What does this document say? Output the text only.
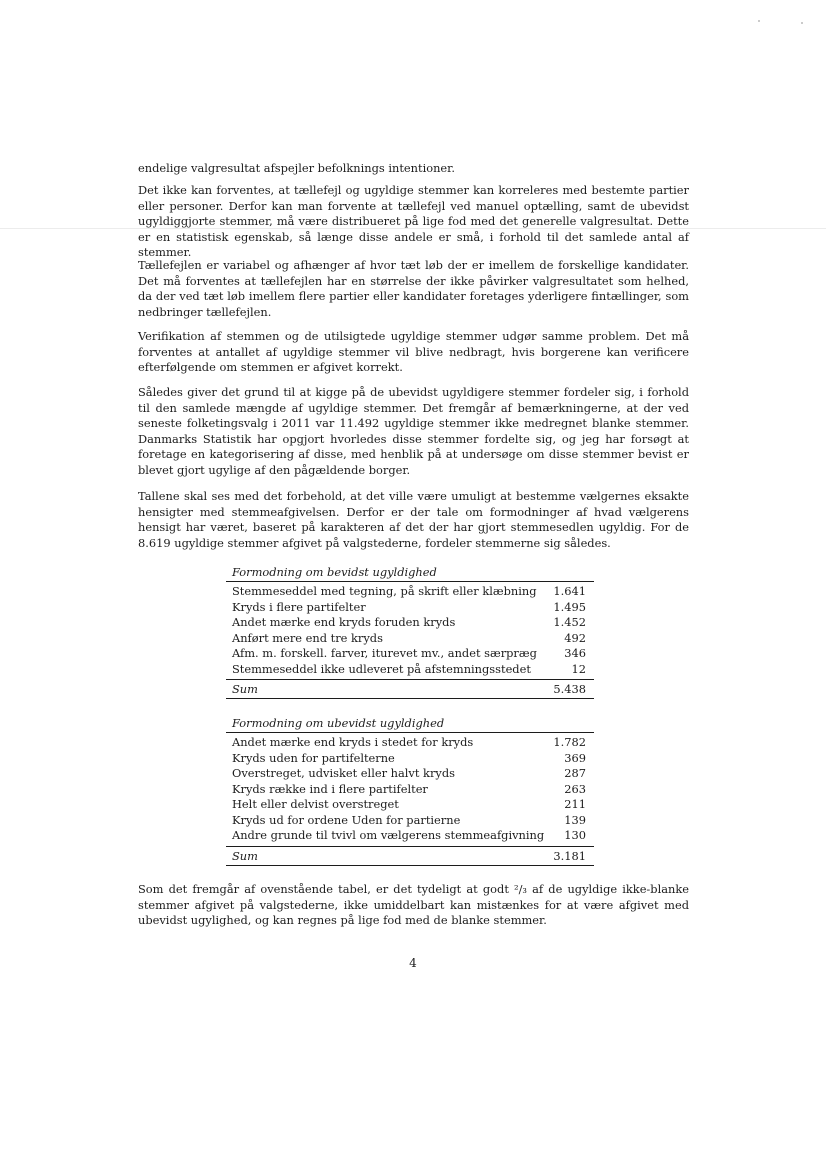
endelige valgresultat afspejler befolknings intentioner.

Det ikke kan forventes, at tællefejl og ugyldige stemmer kan korreleres med bestemte partier eller personer. Derfor kan man forvente at tællefejl ved manuel optælling, samt de ubevidst ugyldiggjorte stemmer, må være distribueret på lige fod med det generelle valgresultat. Dette er en statistisk egenskab, så længe disse andele er små, i forhold til det samlede antal af stemmer.

Tællefejlen er variabel og afhænger af hvor tæt løb der er imellem de forskellige kandidater. Det må forventes at tællefejlen har en størrelse der ikke påvirker valgresultatet som helhed, da der ved tæt løb imellem flere partier eller kandidater foretages yderligere fintællinger, som nedbringer tællefejlen.

Verifikation af stemmen og de utilsigtede ugyldige stemmer udgør samme problem. Det må forventes at antallet af ugyldige stemmer vil blive nedbragt, hvis borgerene kan verificere efterfølgende om stemmen er afgivet korrekt.

Således giver det grund til at kigge på de ubevidst ugyldigere stemmer fordeler sig, i forhold til den samlede mængde af ugyldige stemmer. Det fremgår af bemærkningerne, at der ved seneste folketingsvalg i 2011 var 11.492 ugyldige stemmer ikke medregnet blanke stemmer. Danmarks Statistik har opgjort hvorledes disse stemmer fordelte sig, og jeg har forsøgt at foretage en kategorisering af disse, med henblik på at undersøge om disse stemmer bevist er blevet gjort ugylige af den pågældende borger.

Tallene skal ses med det forbehold, at det ville være umuligt at bestemme vælgernes eksakte hensigter med stemmeafgivelsen. Derfor er der tale om formodninger af hvad vælgerens hensigt har været, baseret på karakteren af det der har gjort stemmesedlen ugyldig. For de 8.619 ugyldige stemmer afgivet på valgstederne, fordeler stemmerne sig således.

Formodning om bevidst ugyldighed
Stemmeseddel med tegning, på skrift eller klæbning 1.641
Kryds i flere partifelter	1.495
Andet mærke end kryds foruden kryds	1.452
Anført mere end tre kryds	492
Afm. m. forskell. farver, iturevet mv., andet særpræg 346
Stemmeseddel ikke udleveret på afstemningsstedet	12
Sum	5.438
Formodning om ubevidst ugyldighed
Andet mærke end kryds i stedet for kryds	1.782
Kryds uden for partifelterne	369
Overstreget, udvisket eller halvt kryds	287
Kryds række ind i flere partifelter	263
Helt eller delvist overstreget	211
Kryds ud for ordene Uden for partierne	139
Andre grunde til tvivl om vælgerens stemmeafgivning 130
Sum	3.181

Som det fremgår af ovenstående tabel, er det tydeligt at godt ²/₃ af de ugyldige ikke-blanke stemmer afgivet på valgstederne, ikke umiddelbart kan mistænkes for at være afgivet med ubevidst ugylighed, og kan regnes på lige fod med de blanke stemmer.

4
